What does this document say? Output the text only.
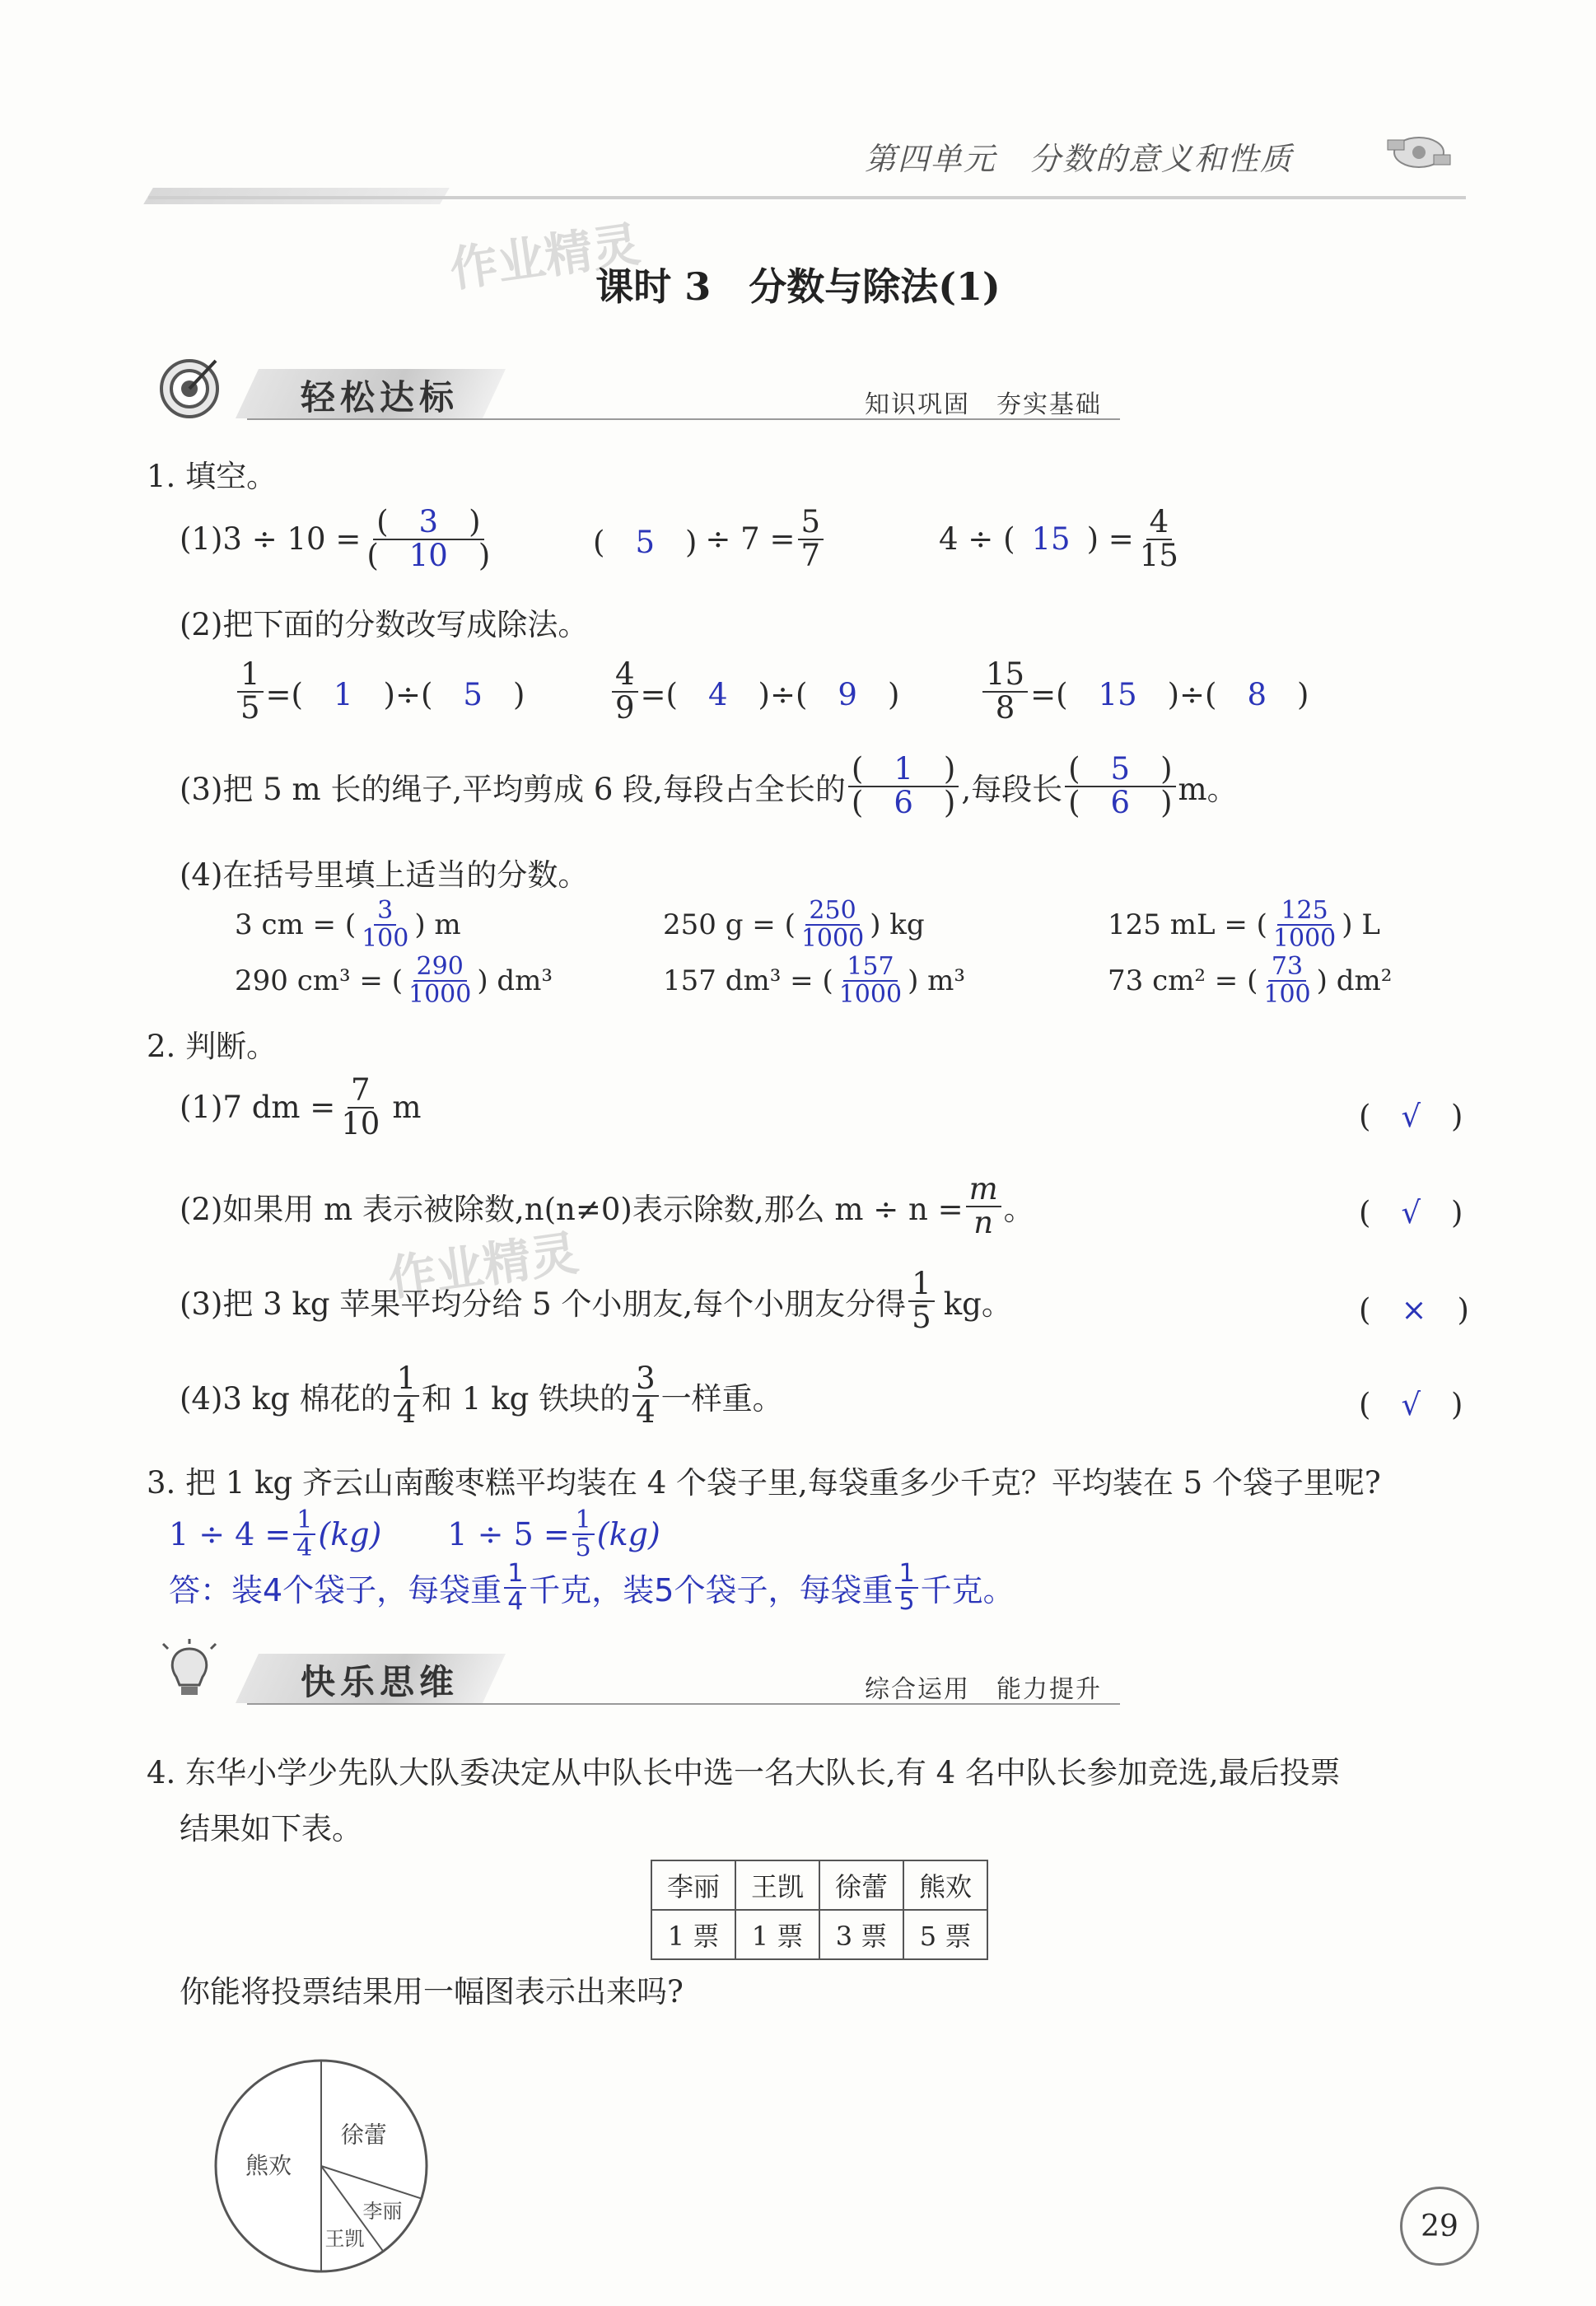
第四单元　分数的意义和性质
作业精灵
课时 3　分数与除法(1)
轻松达标	知识巩固　夯实基础
1. 填空。
$(1)3 \div 10 = \frac{( 3 )}{( 10 )}$	(　5　) ÷ $7 = \frac{5}{7}$	4 ÷ ( 15 ) = $\frac{4}{15}$
(2)把下面的分数改写成除法。
$\frac{1}{5}$ =(　1　)÷(　5　)	$\frac{4}{9}$ =(　4　)÷(　9　)	$\frac{15}{8}$ =(　15　)÷(　8　)
(3)把 5 m 长的绳子,平均剪成 6 段,每段占全长的 $\frac{( 1 )}{( 6 )}$ ,每段长 $\frac{( 5 )}{( 6 )}$ m。
(4)在括号里填上适当的分数。
3 cm = ( $\frac{3}{100}$ ) m	250 g = ( $\frac{250}{1000}$ ) kg	125 mL = ( $\frac{125}{1000}$ ) L
290 cm³ = ( $\frac{290}{1000}$ ) dm³	157 dm³ = ( $\frac{157}{1000}$ ) m³	73 cm² = ( $\frac{73}{100}$ ) dm²
2. 判断。
(1)7 dm = $\frac{7}{10}$ m	(　√　)
(2)如果用 m 表示被除数,n(n≠0)表示除数,那么 $m \div n = \frac{m}{n}$ 。	(　√　)
作业精灵
(3)把 3 kg 苹果平均分给 5 个小朋友,每个小朋友分得 $\frac{1}{5}$ kg。	(　×　)
(4)3 kg 棉花的 $\frac{1}{4}$ 和 1 kg 铁块的 $\frac{3}{4}$ 一样重。	(　√　)
3. 把 1 kg 齐云山南酸枣糕平均装在 4 个袋子里,每袋重多少千克？平均装在 5 个袋子里呢?
$1 \div 4 = \frac{1}{4} (kg) 1 \div 5 = \frac{1}{5} (kg)$
答：装4个袋子，每袋重 $\frac{1}{4}$ 千克，装5个袋子，每袋重 $\frac{1}{5}$ 千克。
快乐思维	综合运用　能力提升
4. 东华小学少先队大队委决定从中队长中选一名大队长,有 4 名中队长参加竞选,最后投票
结果如下表。
李丽	王凯	徐蕾	熊欢
1 票	1 票	3 票	5 票
你能将投票结果用一幅图表示出来吗?
熊欢
徐蕾
李丽
王凯	29
